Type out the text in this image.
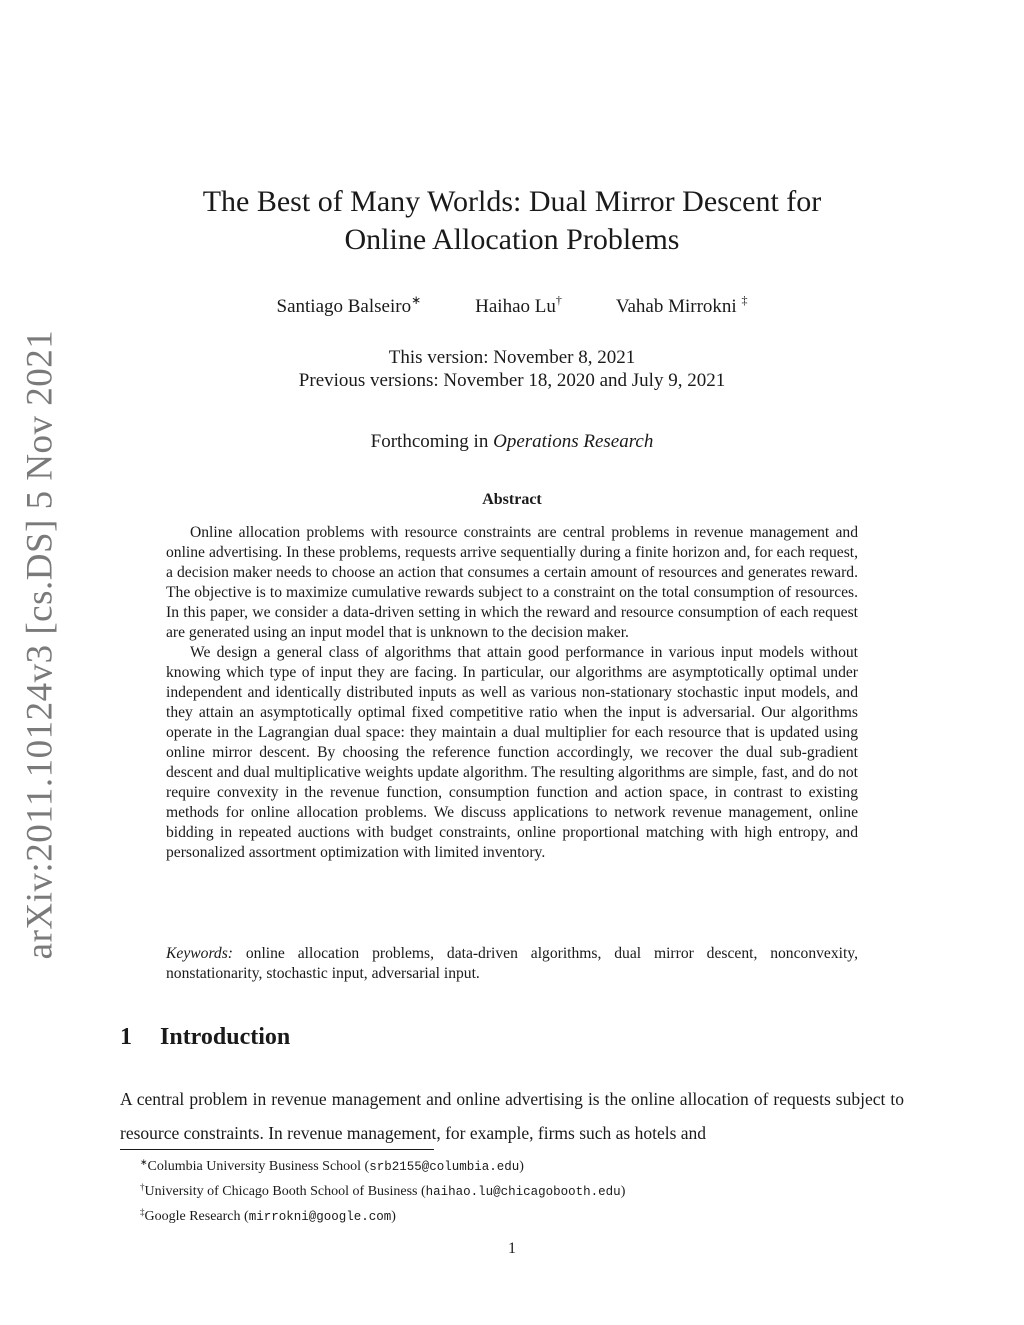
arXiv:2011.10124v3 [cs.DS] 5 Nov 2021
The Best of Many Worlds: Dual Mirror Descent for
Online Allocation Problems
Santiago Balseiro∗	Haihao Lu†	Vahab Mirrokni ‡
This version: November 8, 2021
Previous versions: November 18, 2020 and July 9, 2021
Forthcoming in Operations Research
Abstract

Online allocation problems with resource constraints are central problems in revenue management and online advertising. In these problems, requests arrive sequentially during a finite horizon and, for each request, a decision maker needs to choose an action that consumes a certain amount of resources and generates reward. The objective is to maximize cumulative rewards subject to a constraint on the total consumption of resources. In this paper, we consider a data-driven setting in which the reward and resource consumption of each request are generated using an input model that is unknown to the decision maker.

We design a general class of algorithms that attain good performance in various input models without knowing which type of input they are facing. In particular, our algorithms are asymptotically optimal under independent and identically distributed inputs as well as various non-stationary stochastic input models, and they attain an asymptotically optimal fixed competitive ratio when the input is adversarial. Our algorithms operate in the Lagrangian dual space: they maintain a dual multiplier for each resource that is updated using online mirror descent. By choosing the reference function accordingly, we recover the dual sub-gradient descent and dual multiplicative weights update algorithm. The resulting algorithms are simple, fast, and do not require convexity in the revenue function, consumption function and action space, in contrast to existing methods for online allocation problems. We discuss applications to network revenue management, online bidding in repeated auctions with budget constraints, online proportional matching with high entropy, and personalized assortment optimization with limited inventory.

Keywords: online allocation problems, data-driven algorithms, dual mirror descent, nonconvexity, nonstationarity, stochastic input, adversarial input.
1 Introduction
A central problem in revenue management and online advertising is the online allocation of requests subject to resource constraints. In revenue management, for example, firms such as hotels and
∗Columbia University Business School (srb2155@columbia.edu)
†University of Chicago Booth School of Business (haihao.lu@chicagobooth.edu)
‡Google Research (mirrokni@google.com)
1
